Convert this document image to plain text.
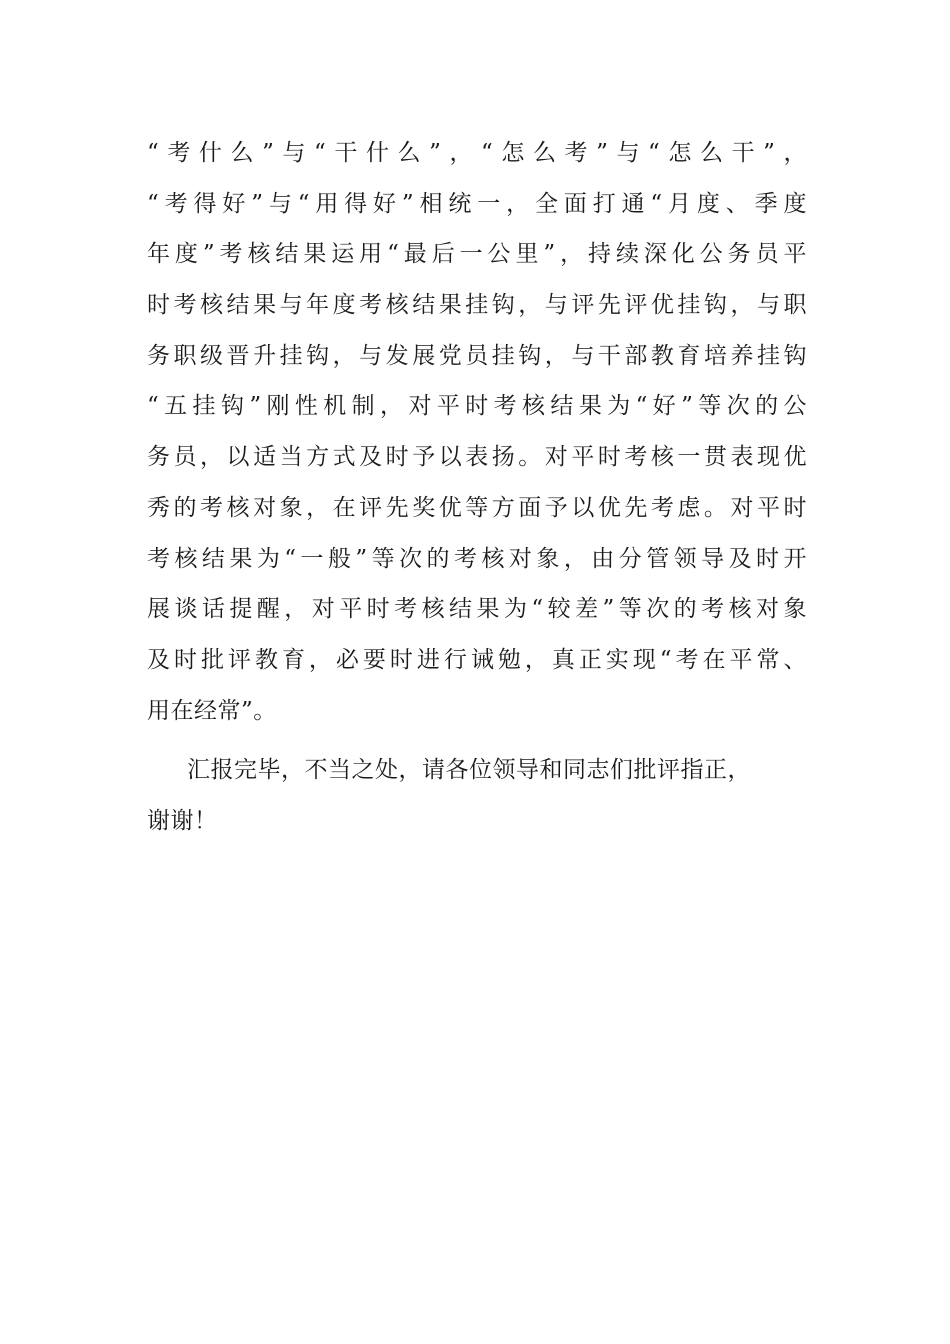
“考什么”与“干什么”，“怎么考”与“怎么干”，
“考得好”与“用得好”相统一，全面打通“月度、季度
年度”考核结果运用“最后一公里”，持续深化公务员平
时考核结果与年度考核结果挂钩，与评先评优挂钩，与职
务职级晋升挂钩，与发展党员挂钩，与干部教育培养挂钩
“五挂钩”刚性机制，对平时考核结果为“好”等次的公
务员，以适当方式及时予以表扬。对平时考核一贯表现优
秀的考核对象，在评先奖优等方面予以优先考虑。对平时
考核结果为“一般”等次的考核对象，由分管领导及时开
展谈话提醒，对平时考核结果为“较差”等次的考核对象
及时批评教育，必要时进行诫勉，真正实现“考在平常、
用在经常”。
汇报完毕，不当之处，请各位领导和同志们批评指正，
谢谢！
